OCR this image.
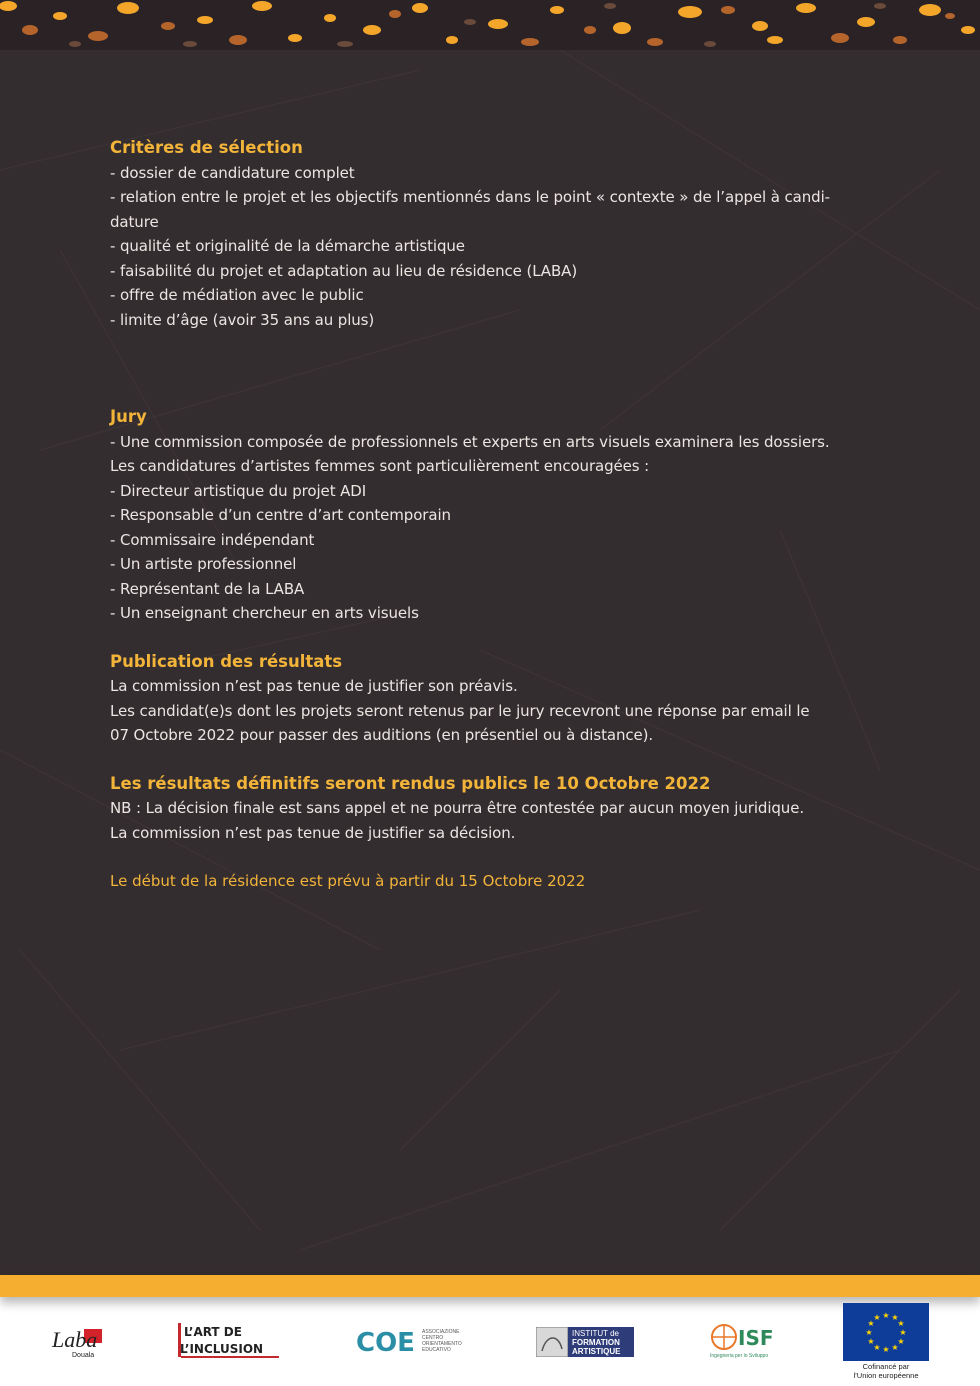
Critères de sélection

- dossier de candidature complet

- relation entre le projet et les objectifs mentionnés dans le point « contexte » de l’appel à candi-

dature

- qualité et originalité de la démarche artistique

- faisabilité du projet et adaptation au lieu de résidence (LABA)

- offre de médiation avec le public

- limite d’âge (avoir 35 ans au plus)

Jury

- Une commission composée de professionnels et experts en arts visuels examinera les dossiers.

Les candidatures d’artistes femmes sont particulièrement encouragées :

- Directeur artistique du projet ADI

- Responsable d’un centre d’art contemporain

- Commissaire indépendant

- Un artiste professionnel

- Représentant de la LABA

- Un enseignant chercheur en arts visuels

Publication des résultats

La commission n’est pas tenue de justifier son préavis.

Les candidat(e)s dont les projets seront retenus par le jury recevront une réponse par email le

07 Octobre 2022 pour passer des auditions (en présentiel ou à distance).

Les résultats définitifs seront rendus publics le 10 Octobre 2022

NB : La décision finale est sans appel et ne pourra être contestée par aucun moyen juridique.

La commission n’est pas tenue de justifier sa décision.

Le début de la résidence est prévu à partir du 15 Octobre 2022

Laba
Douala
L’ART DE
L’INCLUSION	COE ASSOCIAZIONE
CENTRO
ORIENTAMENTO
EDUCATIVO
INSTITUT de
FORMATION
ARTISTIQUE
ISF
Ingegneria per lo Sviluppo
★ ★
★
★
★
★
★
★
★
★
★
★
Cofinancé par
l’Union européenne
